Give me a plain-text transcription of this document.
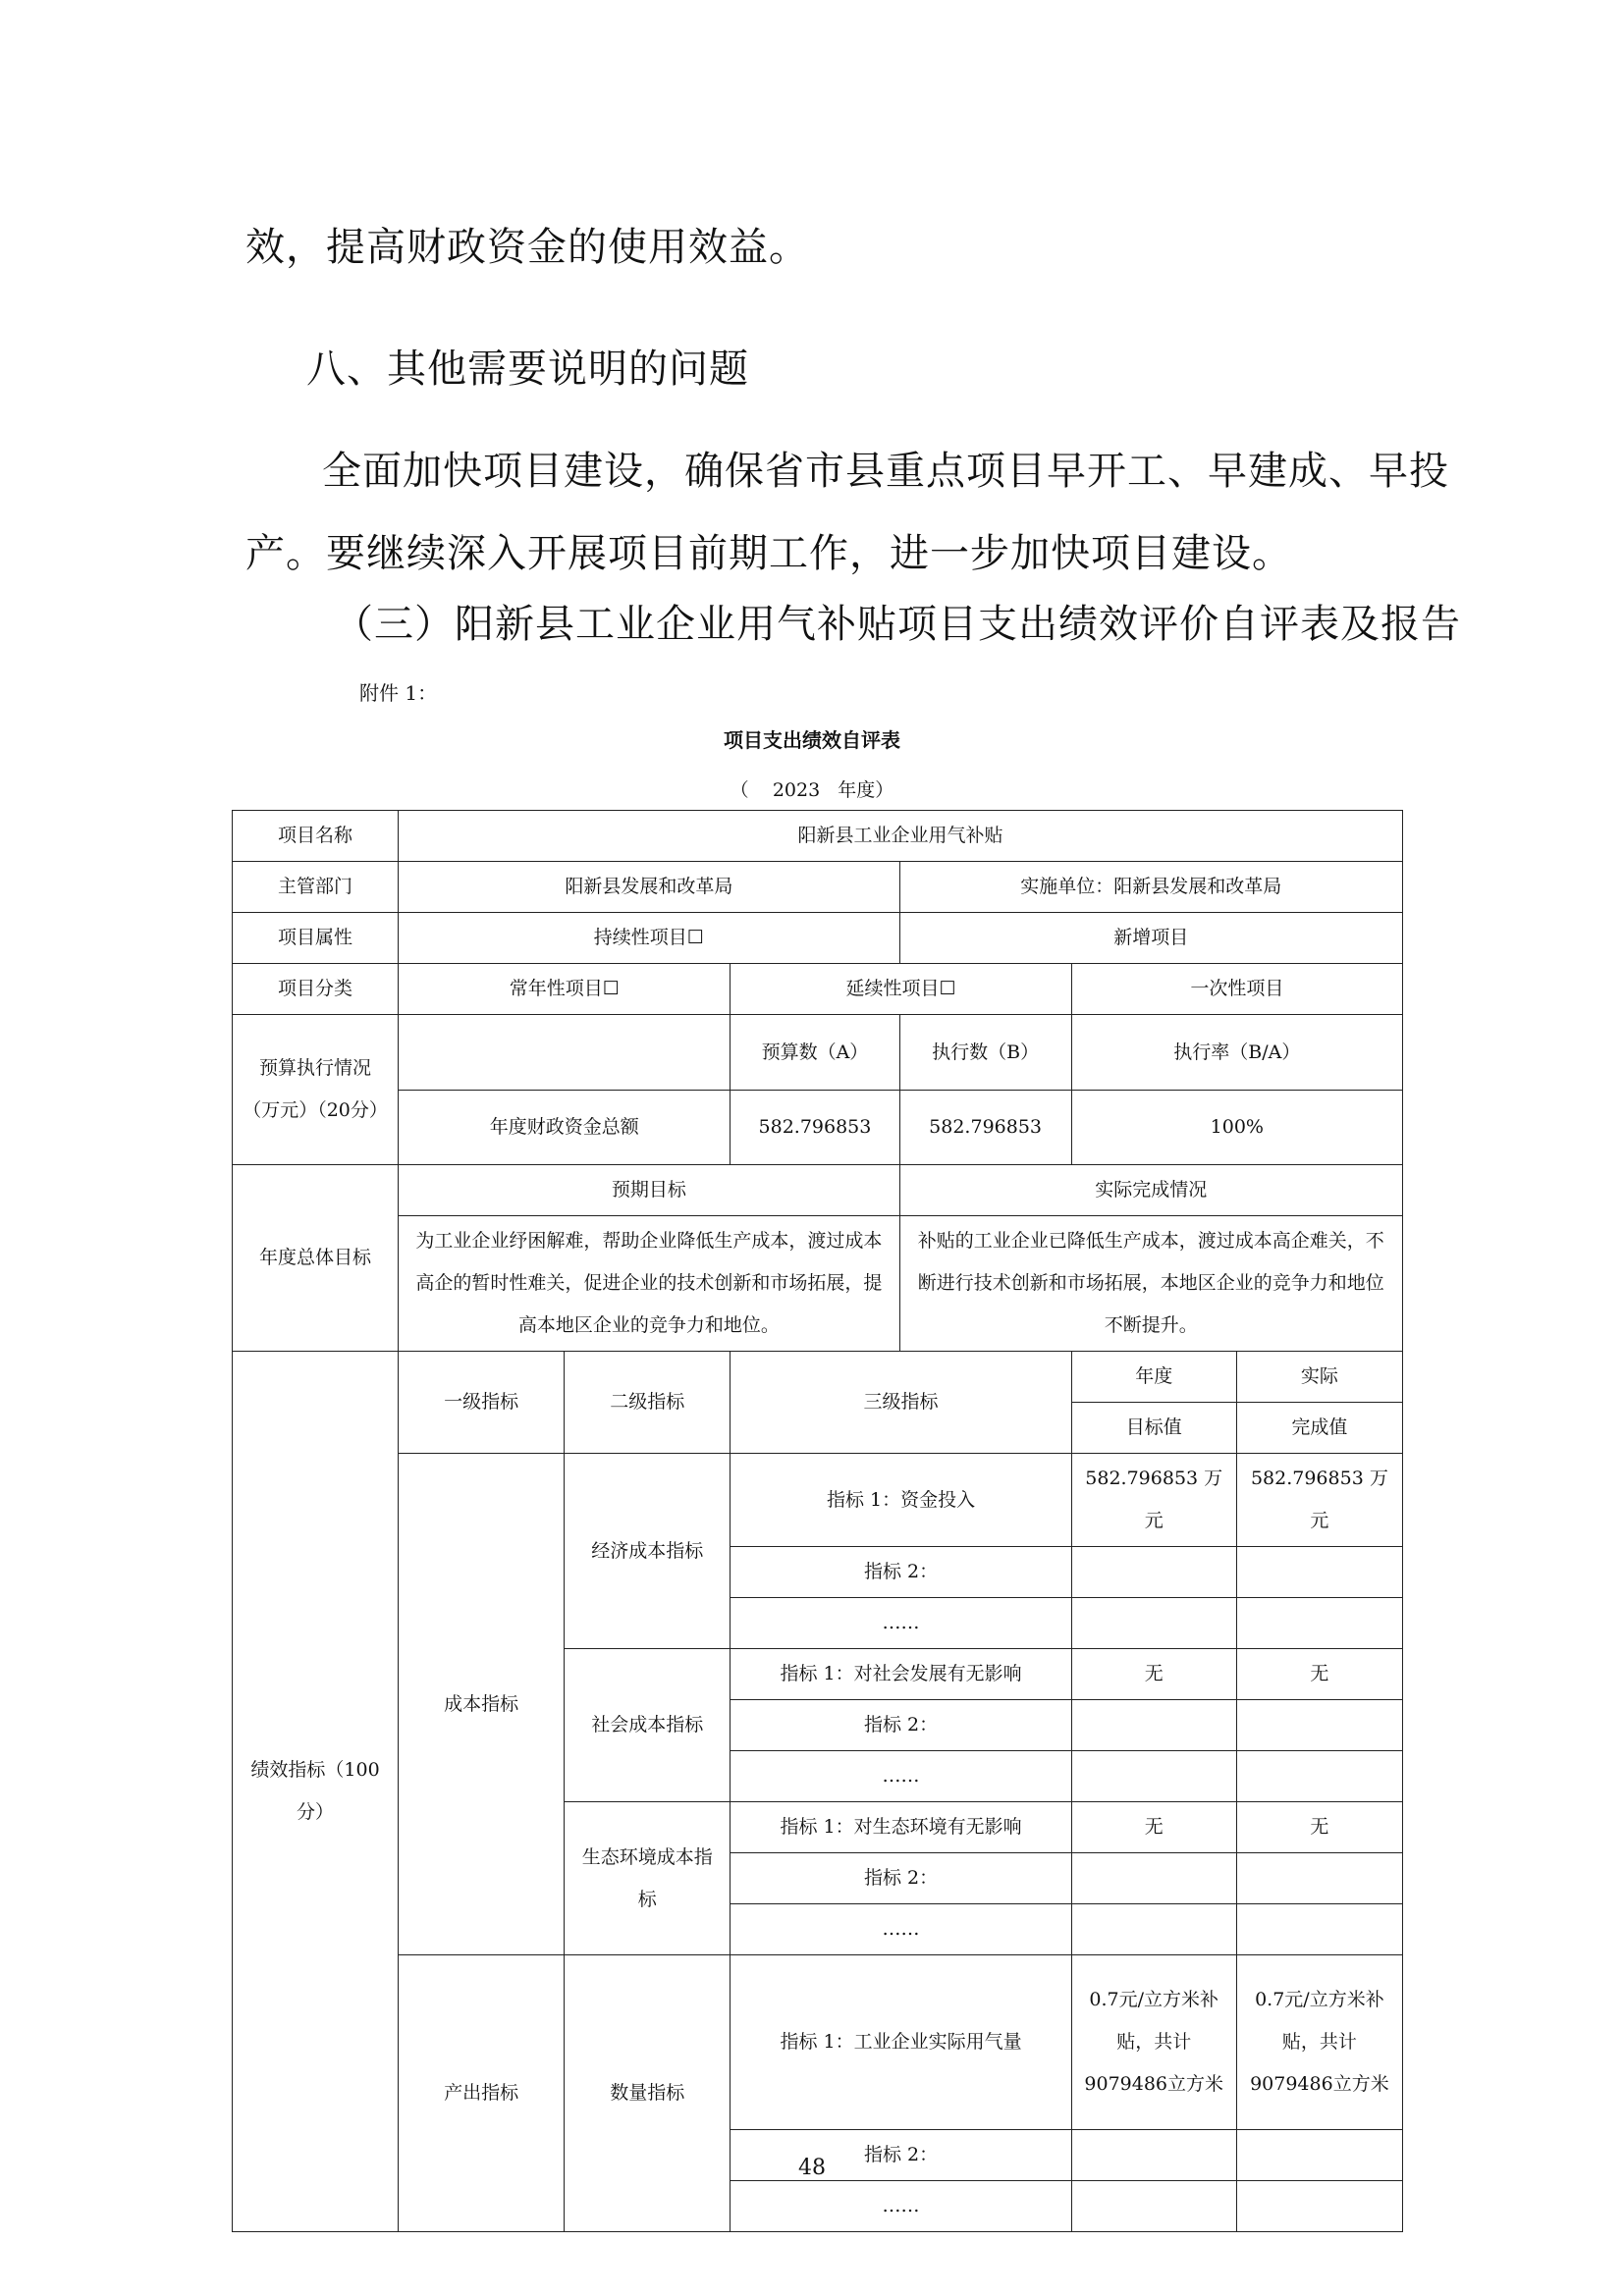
效，提高财政资金的使用效益。
八、其他需要说明的问题
全面加快项目建设，确保省市县重点项目早开工、早建成、早投
产。要继续深入开展项目前期工作，进一步加快项目建设。
（三）阳新县工业企业用气补贴项目支出绩效评价自评表及报告
附件 1：
项目支出绩效自评表
（    2023   年度）
项目名称	阳新县工业企业用气补贴					
主管部门	阳新县发展和改革局			实施单位：阳新县发展和改革局		
项目属性	持续性项目☐			新增项目		
项目分类	常年性项目☐		延续性项目☐		一次性项目	
预算执行情况（万元）（20分）			预算数（A）	执行数（B）	执行率（B/A）	
	年度财政资金总额		582.796853	582.796853	100%	
年度总体目标	预期目标			实际完成情况		
	为工业企业纾困解难，帮助企业降低生产成本，渡过成本高企的暂时性难关，促进企业的技术创新和市场拓展，提高本地区企业的竞争力和地位。			补贴的工业企业已降低生产成本，渡过成本高企难关，不断进行技术创新和市场拓展，本地区企业的竞争力和地位不断提升。		
绩效指标（100分）	一级指标	二级指标	三级指标		年度	实际
					目标值	完成值
	成本指标	经济成本指标	指标 1：资金投入		582.796853 万元	582.796853 万元
			指标 2：			
			……			
		社会成本指标	指标 1：对社会发展有无影响		无	无
			指标 2：			
			……			
		生态环境成本指标	指标 1：对生态环境有无影响		无	无
			指标 2：			
			……			
	产出指标	数量指标	指标 1：工业企业实际用气量		0.7元/立方米补贴，共计9079486立方米	0.7元/立方米补贴，共计9079486立方米
			指标 2：			
			……			
48
